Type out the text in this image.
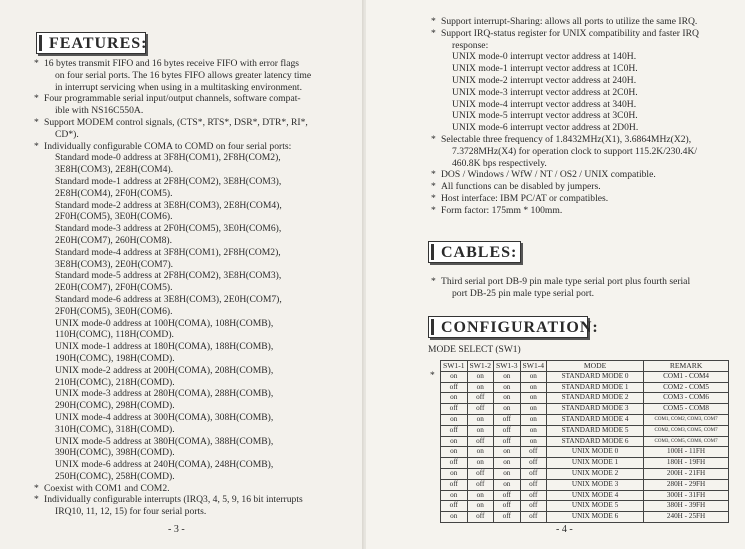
FEATURES:
* 16 bytes transmit FIFO and 16 bytes receive FIFO with error flags
on four serial ports. The 16 bytes FIFO allows greater latency time
in interrupt servicing when using in a multitasking environment.
* Four programmable serial input/output channels, software compat-
ible with NS16C550A.
* Support MODEM control signals, (CTS*, RTS*, DSR*, DTR*, RI*,
CD*).
* Individually configurable COMA to COMD on four serial ports:
Standard mode-0 address at 3F8H(COM1), 2F8H(COM2),
3E8H(COM3), 2E8H(COM4).
Standard mode-1 address at 2F8H(COM2), 3E8H(COM3),
2E8H(COM4), 2F0H(COM5).
Standard mode-2 address at 3E8H(COM3), 2E8H(COM4),
2F0H(COM5), 3E0H(COM6).
Standard mode-3 address at 2F0H(COM5), 3E0H(COM6),
2E0H(COM7), 260H(COM8).
Standard mode-4 address at 3F8H(COM1), 2F8H(COM2),
3E8H(COM3), 2E0H(COM7).
Standard mode-5 address at 2F8H(COM2), 3E8H(COM3),
2E0H(COM7), 2F0H(COM5).
Standard mode-6 address at 3E8H(COM3), 2E0H(COM7),
2F0H(COM5), 3E0H(COM6).
UNIX mode-0 address at 100H(COMA), 108H(COMB),
110H(COMC), 118H(COMD).
UNIX mode-1 address at 180H(COMA), 188H(COMB),
190H(COMC), 198H(COMD).
UNIX mode-2 address at 200H(COMA), 208H(COMB),
210H(COMC), 218H(COMD).
UNIX mode-3 address at 280H(COMA), 288H(COMB),
290H(COMC), 298H(COMD).
UNIX mode-4 address at 300H(COMA), 308H(COMB),
310H(COMC), 318H(COMD).
UNIX mode-5 address at 380H(COMA), 388H(COMB),
390H(COMC), 398H(COMD).
UNIX mode-6 address at 240H(COMA), 248H(COMB),
250H(COMC), 258H(COMD).
* Coexist with COM1 and COM2.
* Individually configurable interrupts (IRQ3, 4, 5, 9, 16 bit interrupts
IRQ10, 11, 12, 15) for four serial ports.
- 3 -
* Support interrupt-Sharing: allows all ports to utilize the same IRQ.
* Support IRQ-status register for UNIX compatibility and faster IRQ
response:
UNIX mode-0 interrupt vector address at 140H.
UNIX mode-1 interrupt vector address at 1C0H.
UNIX mode-2 interrupt vector address at 240H.
UNIX mode-3 interrupt vector address at 2C0H.
UNIX mode-4 interrupt vector address at 340H.
UNIX mode-5 interrupt vector address at 3C0H.
UNIX mode-6 interrupt vector address at 2D0H.
* Selectable three frequency of 1.8432MHz(X1), 3.6864MHz(X2),
7.3728MHz(X4) for operation clock to support 115.2K/230.4K/
460.8K bps respectively.
* DOS / Windows / WfW / NT / OS2 / UNIX compatible.
* All functions can be disabled by jumpers.
* Host interface: IBM PC/AT or compatibles.
* Form factor: 175mm * 100mm.
CABLES:
* Third serial port DB-9 pin male type serial port plus fourth serial
port DB-25 pin male type serial port.
CONFIGURATION:
MODE SELECT (SW1)
*
SW1-1	SW1-2	SW1-3	SW1-4	MODE	REMARK
on	on	on	on	STANDARD MODE 0	COM1 - COM4
off	on	on	on	STANDARD MODE 1	COM2 - COM5
on	off	on	on	STANDARD MODE 2	COM3 - COM6
off	off	on	on	STANDARD MODE 3	COM5 - COM8
on	on	off	on	STANDARD MODE 4	COM1, COM2, COM3, COM7
off	on	off	on	STANDARD MODE 5	COM2, COM3, COM5, COM7
on	off	off	on	STANDARD MODE 6	COM3, COM5, COM6, COM7
on	on	on	off	UNIX MODE 0	100H - 11FH
off	on	on	off	UNIX MODE 1	180H - 19FH
on	off	on	off	UNIX MODE 2	200H - 21FH
off	off	on	off	UNIX MODE 3	280H - 29FH
on	on	off	off	UNIX MODE 4	300H - 31FH
off	on	off	off	UNIX MODE 5	380H - 39FH
on	off	off	off	UNIX MODE 6	240H - 25FH
- 4 -
